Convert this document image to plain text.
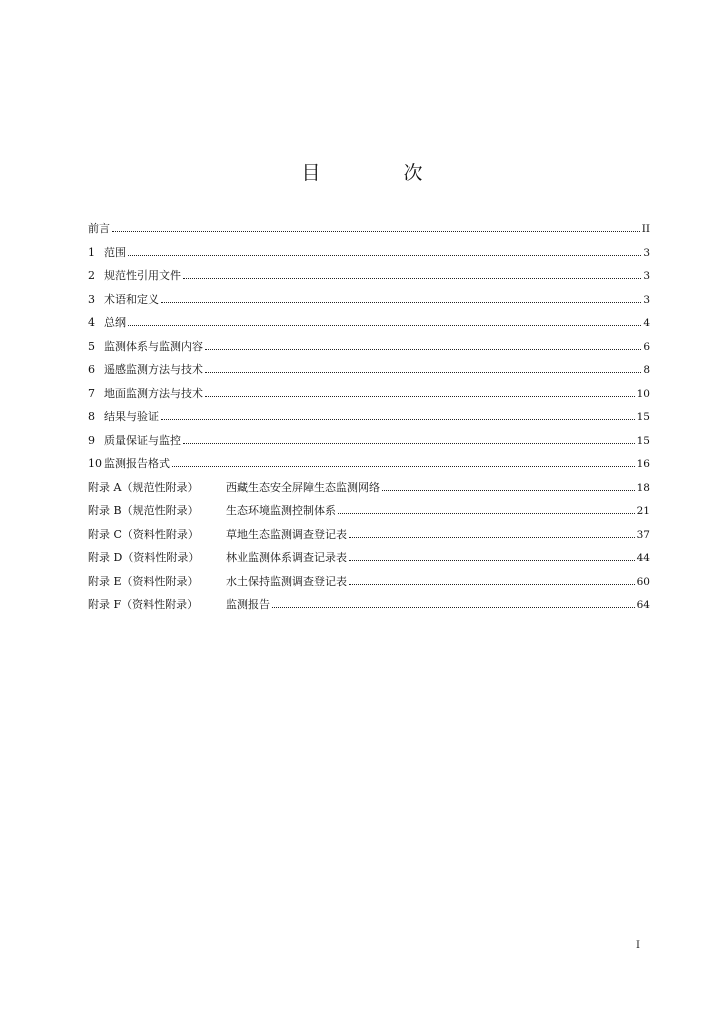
目　次
前言	II
1 范围	3
2 规范性引用文件	3
3 术语和定义	3
4 总纲	4
5 监测体系与监测内容	6
6 遥感监测方法与技术	8
7 地面监测方法与技术	10
8 结果与验证	15
9 质量保证与监控	15
10 监测报告格式	16
附录 A（规范性附录）	西藏生态安全屏障生态监测网络	18
附录 B（规范性附录） 生态环境监测控制体系	21
附录 C（资料性附录） 草地生态监测调查登记表	37
附录 D（资料性附录） 林业监测体系调查记录表	44
附录 E（资料性附录） 水土保持监测调查登记表	60
附录 F（资料性附录）	监测报告	64
I
